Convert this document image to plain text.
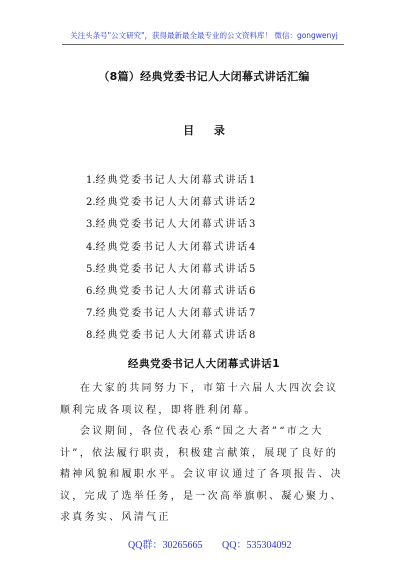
关注头条号"公文研究"，获得最新最全最专业的公文资料库！ 微信：gongwenyj
（8篇）经典党委书记人大闭幕式讲话汇编
目 录
1.经典党委书记人大闭幕式讲话1
2.经典党委书记人大闭幕式讲话2
3.经典党委书记人大闭幕式讲话3
4.经典党委书记人大闭幕式讲话4
5.经典党委书记人大闭幕式讲话5
6.经典党委书记人大闭幕式讲话6
7.经典党委书记人大闭幕式讲话7
8.经典党委书记人大闭幕式讲话8
经典党委书记人大闭幕式讲话1

在大家的共同努力下，市第十六届人大四次会议顺利完成各项议程，即将胜利闭幕。

会议期间，各位代表心系“国之大者”“市之大计”，依法履行职责，积极建言献策，展现了良好的精神风貌和履职水平。会议审议通过了各项报告、决议，完成了选举任务，是一次高举旗帜、凝心聚力、求真务实、风清气正

QQ群：30265665 QQ：535304092
